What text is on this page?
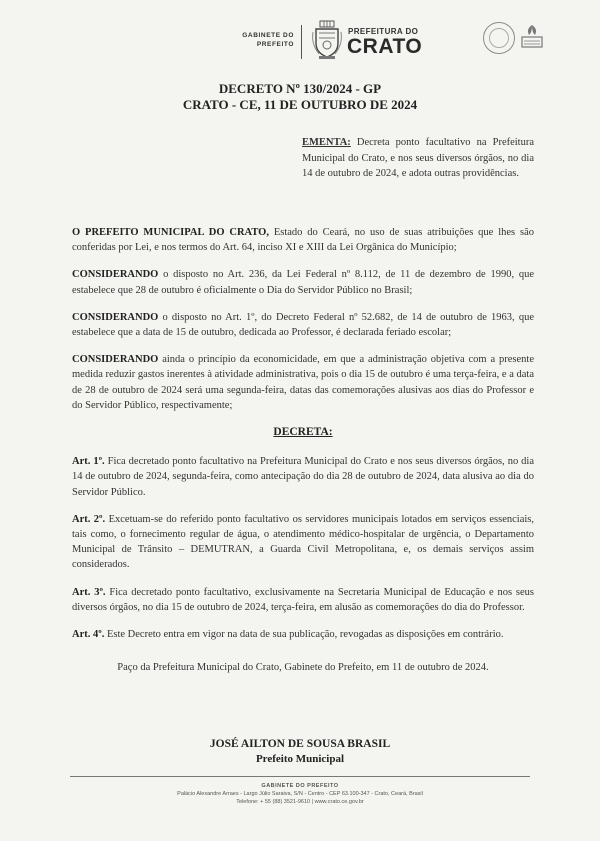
GABINETE DO
PREFEITO
PREFEITURA DO
CRATO
DECRETO Nº 130/2024 - GP
CRATO - CE, 11 DE OUTUBRO DE 2024
EMENTA: Decreta ponto facultativo na Prefeitura Municipal do Crato, e nos seus diversos órgãos, no dia 14 de outubro de 2024, e adota outras providências.

O PREFEITO MUNICIPAL DO CRATO, Estado do Ceará, no uso de suas atribuições que lhes são conferidas por Lei, e nos termos do Art. 64, inciso XI e XIII da Lei Orgânica do Município;

CONSIDERANDO o disposto no Art. 236, da Lei Federal nº 8.112, de 11 de dezembro de 1990, que estabelece que 28 de outubro é oficialmente o Dia do Servidor Público no Brasil;

CONSIDERANDO o disposto no Art. 1º, do Decreto Federal nº 52.682, de 14 de outubro de 1963, que estabelece que a data de 15 de outubro, dedicada ao Professor, é declarada feriado escolar;

CONSIDERANDO ainda o princípio da economicidade, em que a administração objetiva com a presente medida reduzir gastos inerentes à atividade administrativa, pois o dia 15 de outubro é uma terça-feira, e a data de 28 de outubro de 2024 será uma segunda-feira, datas das comemorações alusivas aos dias do Professor e do Servidor Público, respectivamente;

DECRETA:

Art. 1º. Fica decretado ponto facultativo na Prefeitura Municipal do Crato e nos seus diversos órgãos, no dia 14 de outubro de 2024, segunda-feira, como antecipação do dia 28 de outubro de 2024, data alusiva ao dia do Servidor Público.

Art. 2º. Excetuam-se do referido ponto facultativo os servidores municipais lotados em serviços essenciais, tais como, o fornecimento regular de água, o atendimento médico-hospitalar de urgência, o Departamento Municipal de Trânsito – DEMUTRAN, a Guarda Civil Metropolitana, e, os demais serviços assim considerados.

Art. 3º. Fica decretado ponto facultativo, exclusivamente na Secretaria Municipal de Educação e nos seus diversos órgãos, no dia 15 de outubro de 2024, terça-feira, em alusão as comemorações do dia do Professor.

Art. 4º. Este Decreto entra em vigor na data de sua publicação, revogadas as disposições em contrário.

Paço da Prefeitura Municipal do Crato, Gabinete do Prefeito, em 11 de outubro de 2024.
JOSÉ AILTON DE SOUSA BRASIL
Prefeito Municipal
GABINETE DO PREFEITO
Palácio Alexandre Arraes - Largo Júlio Saraiva, S/N - Centro - CEP 63.100-347 - Crato, Ceará, Brasil
Telefone: + 55 (88) 3521-9610 | www.crato.ce.gov.br
